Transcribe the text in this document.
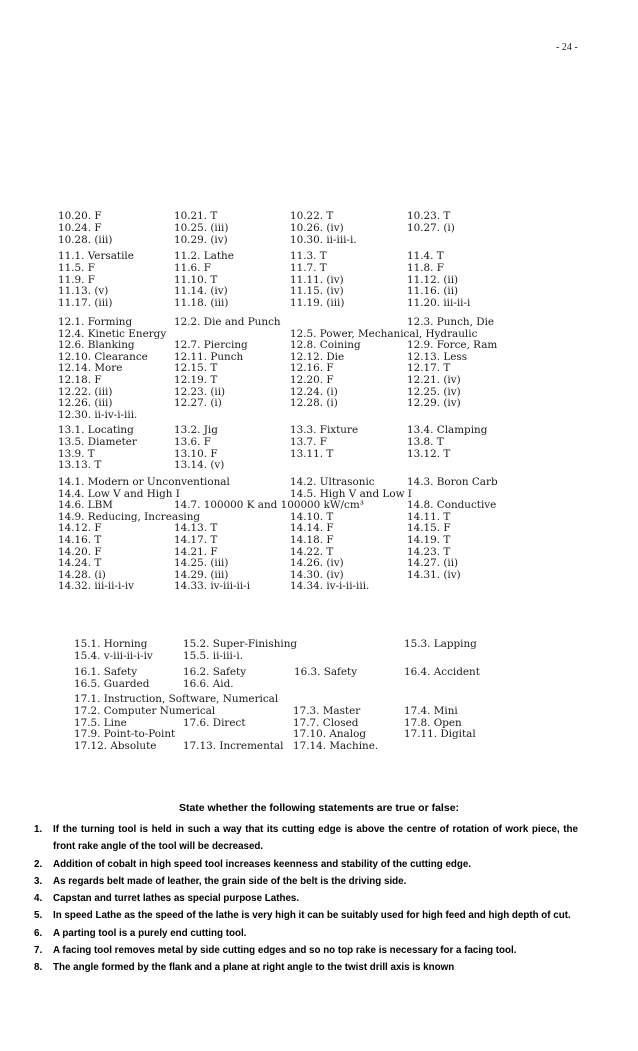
- 24 -
10.20. F	10.21. T	10.22. T	10.23. T
10.24. F	10.25. (iii)	10.26. (iv)	10.27. (i)
10.28. (iii)	10.29. (iv)	10.30. ii-iii-i.
11.1. Versatile	11.2. Lathe	11.3. T	11.4. T
11.5. F	11.6. F	11.7. T	11.8. F
11.9. F	11.10. T	11.11. (iv)	11.12. (ii)
11.13. (v)	11.14. (iv)	11.15. (iv)	11.16. (ii)
11.17. (iii)	11.18. (iii)	11.19. (iii)	11.20. iii-ii-i
12.1. Forming	12.2. Die and Punch	12.3. Punch, Die
12.4. Kinetic Energy	12.5. Power, Mechanical, Hydraulic
12.6. Blanking	12.7. Piercing	12.8. Coining	12.9. Force, Ram
12.10. Clearance	12.11. Punch	12.12. Die	12.13. Less
12.14. More	12.15. T	12.16. F	12.17. T
12.18. F	12.19. T	12.20. F	12.21. (iv)
12.22. (iii)	12.23. (ii)	12.24. (i)	12.25. (iv)
12.26. (iii)	12.27. (i)	12.28. (i)	12.29. (iv)
12.30. ii-iv-i-iii.
13.1. Locating	13.2. Jig	13.3. Fixture	13.4. Clamping
13.5. Diameter	13.6. F	13.7. F	13.8. T
13.9. T	13.10. F	13.11. T	13.12. T
13.13. T	13.14. (v)
14.1. Modern or Unconventional	14.2. Ultrasonic	14.3. Boron Carb
14.4. Low V and High I	14.5. High V and Low I
14.6. LBM	14.7. 100000 K and 100000 kW/cm³	14.8. Conductive
14.9. Reducing, Increasing	14.10. T	14.11. T
14.12. F	14.13. T	14.14. F	14.15. F
14.16. T	14.17. T	14.18. F	14.19. T
14.20. F	14.21. F	14.22. T	14.23. T
14.24. T	14.25. (iii)	14.26. (iv)	14.27. (ii)
14.28. (i)	14.29. (iii)	14.30. (iv)	14.31. (iv)
14.32. iii-ii-i-iv	14.33. iv-iii-ii-i	14.34. iv-i-ii-iii.
15.1. Horning	15.2. Super-Finishing	15.3. Lapping
15.4. v-iii-ii-i-iv	15.5. ii-iii-i.
16.1. Safety	16.2. Safety	16.3. Safety	16.4. Accident
16.5. Guarded	16.6. Aid.
17.1. Instruction, Software, Numerical
17.2. Computer Numerical	17.3. Master	17.4. Mini
17.5. Line	17.6. Direct	17.7. Closed	17.8. Open
17.9. Point-to-Point	17.10. Analog	17.11. Digital
17.12. Absolute	17.13. Incremental 17.14. Machine.
State whether the following statements are true or false:
1. If the turning tool is held in such a way that its cutting edge is above the centre of rotation of work piece, the front rake angle of the tool will be decreased.
2. Addition of cobalt in high speed tool increases keenness and stability of the cutting edge.
3. As regards belt made of leather, the grain side of the belt is the driving side.
4. Capstan and turret lathes as special purpose Lathes.
5. In speed Lathe as the speed of the lathe is very high it can be suitably used for high feed and high depth of cut.
6. A parting tool is a purely end cutting tool.
7. A facing tool removes metal by side cutting edges and so no top rake is necessary for a facing tool.
8. The angle formed by the flank and a plane at right angle to the twist drill axis is known
